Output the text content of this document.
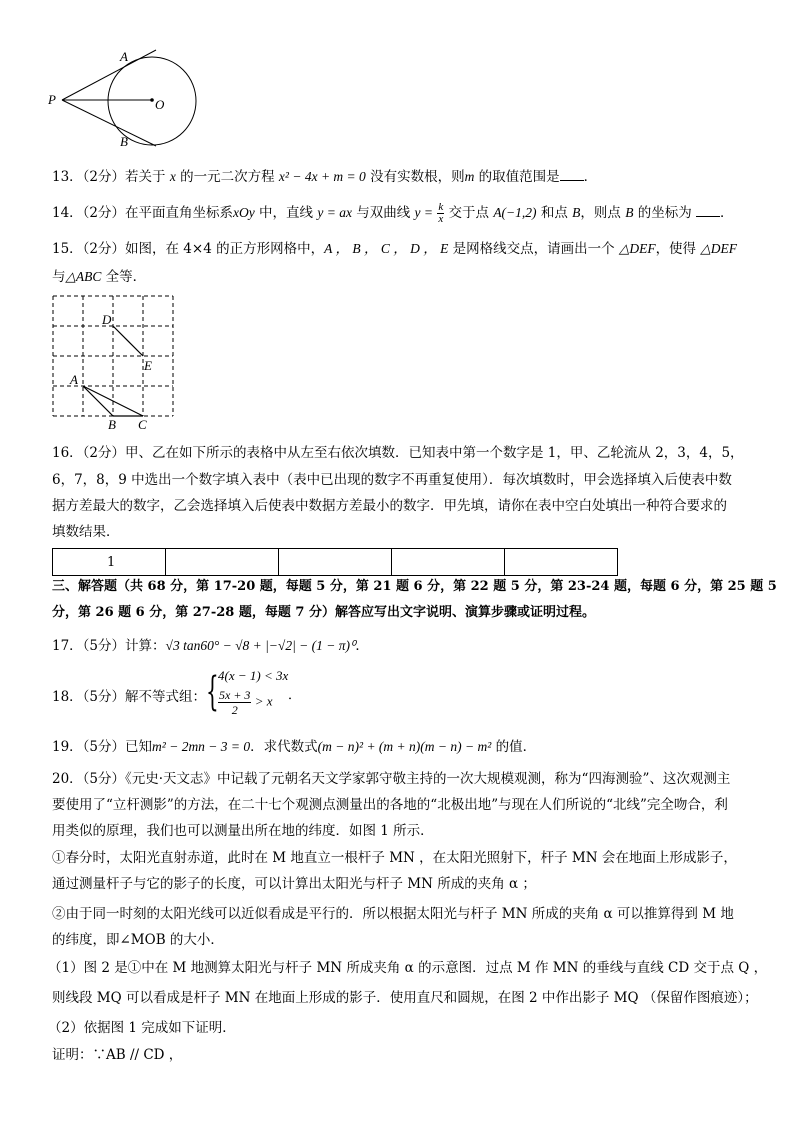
A
P	O
B
13．（2分）若关于 x 的一元二次方程 x² − 4x + m = 0 没有实数根，则m 的取值范围是 ．
14．（2分）在平面直角坐标系xOy 中，直线 y = ax 与双曲线 $y = \frac{k}{x}$ 交于点 A(−1,2) 和点 B，则点 B 的坐标为 ．
15．（2分）如图，在 4×4 的正方形网格中，A ， B ， C ， D ， E 是网格线交点，请画出一个 △DEF，使得 △DEF
与△ABC 全等．
D
E
A
B C
16．（2分）甲、乙在如下所示的表格中从左至右依次填数．已知表中第一个数字是 1，甲、乙轮流从 2，3，4，5，
6，7，8，9 中选出一个数字填入表中（表中已出现的数字不再重复使用）．每次填数时，甲会选择填入后使表中数
据方差最大的数字，乙会选择填入后使表中数据方差最小的数字．甲先填，请你在表中空白处填出一种符合要求的
填数结果．
1				
三、解答题（共 68 分，第 17-20 题，每题 5 分，第 21 题 6 分，第 22 题 5 分，第 23-24 题，每题 6 分，第 25 题 5
分，第 26 题 6 分，第 27-28 题，每题 7 分）解答应写出文字说明、演算步骤或证明过程。
17．（5分）计算：√3 tan60° − √8 + |−√2| − (1 − π)⁰．
18．（5分）解不等式组： { 4(x − 1) < 3x
$\frac{5x + 3}{2} > x$ ．
19．（5分）已知m² − 2mn − 3 = 0．求代数式(m − n)² + (m + n)(m − n) − m² 的值．
20．（5分）《元史·天文志》中记载了元朝名天文学家郭守敬主持的一次大规模观测，称为“四海测验”、这次观测主
要使用了“立杆测影”的方法，在二十七个观测点测量出的各地的“北极出地”与现在人们所说的“北线”完全吻合，利
用类似的原理，我们也可以测量出所在地的纬度．如图 1 所示．
①春分时，太阳光直射赤道，此时在 M 地直立一根杆子 MN ，在太阳光照射下，杆子 MN 会在地面上形成影子，
通过测量杆子与它的影子的长度，可以计算出太阳光与杆子 MN 所成的夹角 α ；
②由于同一时刻的太阳光线可以近似看成是平行的．所以根据太阳光与杆子 MN 所成的夹角 α 可以推算得到 M 地
的纬度，即∠MOB 的大小．
（1）图 2 是①中在 M 地测算太阳光与杆子 MN 所成夹角 α 的示意图．过点 M 作 MN 的垂线与直线 CD 交于点 Q ，
则线段 MQ 可以看成是杆子 MN 在地面上形成的影子．使用直尺和圆规，在图 2 中作出影子 MQ （保留作图痕迹）；
（2）依据图 1 完成如下证明．
证明：∵AB // CD ，
